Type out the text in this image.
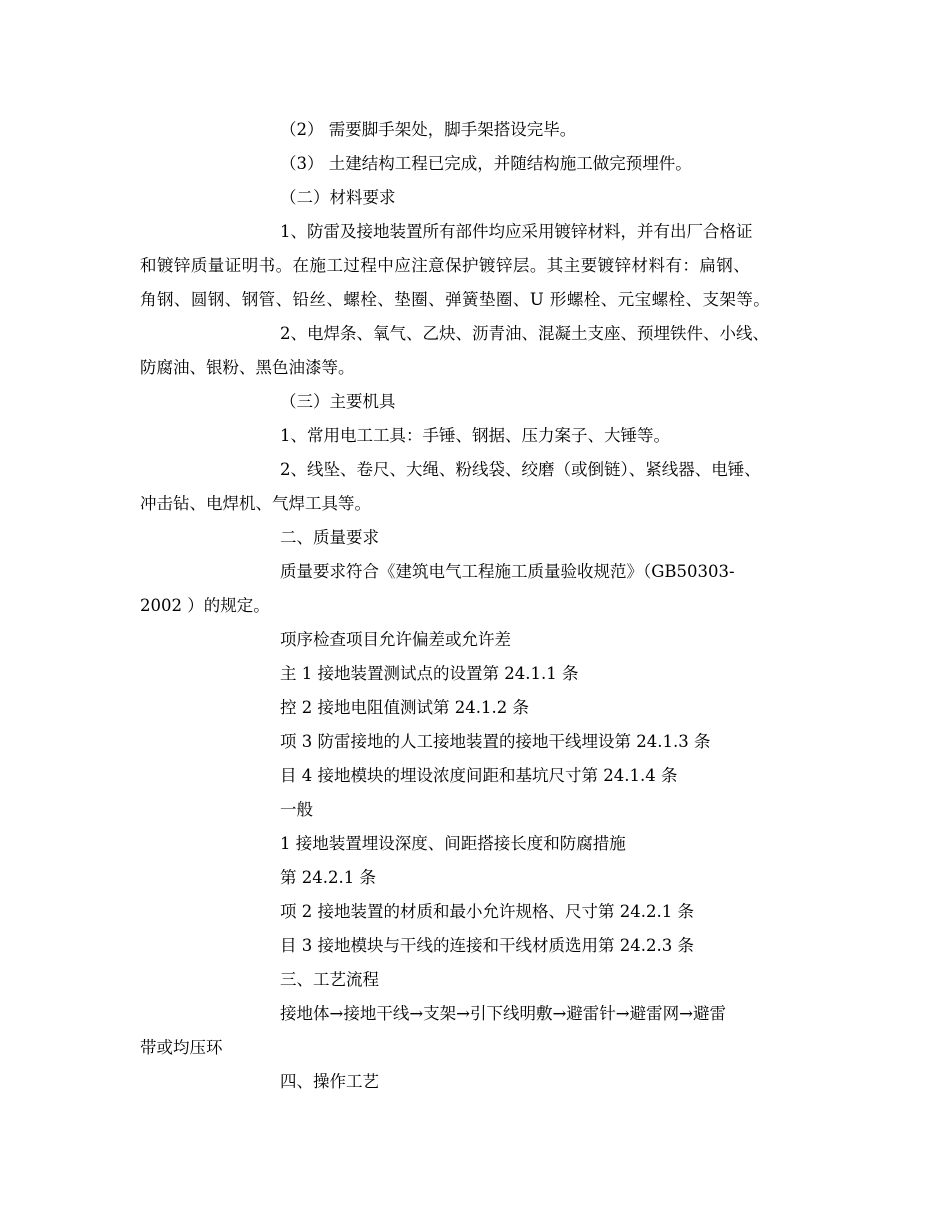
（2） 需要脚手架处，脚手架搭设完毕。
（3） 土建结构工程已完成，并随结构施工做完预埋件。
（二）材料要求
1、防雷及接地装置所有部件均应采用镀锌材料，并有出厂合格证
和镀锌质量证明书。在施工过程中应注意保护镀锌层。其主要镀锌材料有：扁钢、
角钢、圆钢、钢管、铅丝、螺栓、垫圈、弹簧垫圈、U 形螺栓、元宝螺栓、支架等。
2、电焊条、氧气、乙炔、沥青油、混凝土支座、预埋铁件、小线、
防腐油、银粉、黑色油漆等。
（三）主要机具
1、常用电工工具：手锤、钢据、压力案子、大锤等。
2、线坠、卷尺、大绳、粉线袋、绞磨（或倒链）、紧线器、电锤、
冲击钻、电焊机、气焊工具等。
二、质量要求
质量要求符合《建筑电气工程施工质量验收规范》（GB50303-
2002 ）的规定。
项序检查项目允许偏差或允许差
主 1 接地装置测试点的设置第 24.1.1 条
控 2 接地电阻值测试第 24.1.2 条
项 3 防雷接地的人工接地装置的接地干线埋设第 24.1.3 条
目 4 接地模块的埋设浓度间距和基坑尺寸第 24.1.4 条
一般
1 接地装置埋设深度、间距搭接长度和防腐措施
第 24.2.1 条
项 2 接地装置的材质和最小允许规格、尺寸第 24.2.1 条
目 3 接地模块与干线的连接和干线材质选用第 24.2.3 条
三、工艺流程
接地体→接地干线→支架→引下线明敷→避雷针→避雷网→避雷
带或均压环
四、操作工艺
